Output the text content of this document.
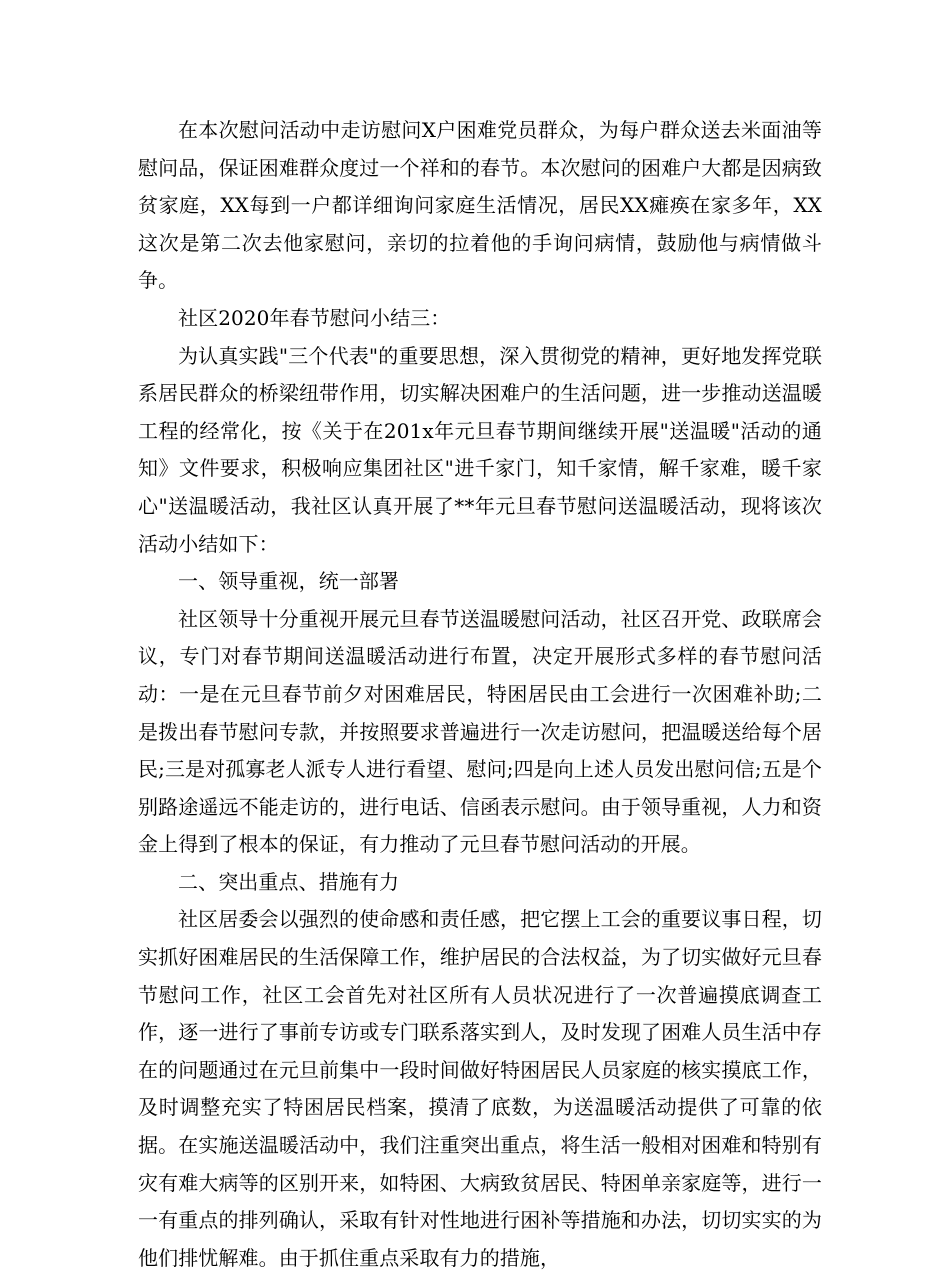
在本次慰问活动中走访慰问X户困难党员群众，为每户群众送去米面油等慰问品，保证困难群众度过一个祥和的春节。本次慰问的困难户大都是因病致贫家庭，XX每到一户都详细询问家庭生活情况，居民XX瘫痪在家多年，XX这次是第二次去他家慰问，亲切的拉着他的手询问病情，鼓励他与病情做斗争。

社区2020年春节慰问小结三：

为认真实践"三个代表"的重要思想，深入贯彻党的精神，更好地发挥党联系居民群众的桥梁纽带作用，切实解决困难户的生活问题，进一步推动送温暖工程的经常化，按《关于在201x年元旦春节期间继续开展"送温暖"活动的通知》文件要求，积极响应集团社区"进千家门，知千家情，解千家难，暖千家心"送温暖活动，我社区认真开展了**年元旦春节慰问送温暖活动，现将该次活动小结如下：

一、领导重视，统一部署

社区领导十分重视开展元旦春节送温暖慰问活动，社区召开党、政联席会议，专门对春节期间送温暖活动进行布置，决定开展形式多样的春节慰问活动：一是在元旦春节前夕对困难居民，特困居民由工会进行一次困难补助;二是拨出春节慰问专款，并按照要求普遍进行一次走访慰问，把温暖送给每个居民;三是对孤寡老人派专人进行看望、慰问;四是向上述人员发出慰问信;五是个别路途遥远不能走访的，进行电话、信函表示慰问。由于领导重视，人力和资金上得到了根本的保证，有力推动了元旦春节慰问活动的开展。

二、突出重点、措施有力

社区居委会以强烈的使命感和责任感，把它摆上工会的重要议事日程，切实抓好困难居民的生活保障工作，维护居民的合法权益，为了切实做好元旦春节慰问工作，社区工会首先对社区所有人员状况进行了一次普遍摸底调查工作，逐一进行了事前专访或专门联系落实到人，及时发现了困难人员生活中存在的问题通过在元旦前集中一段时间做好特困居民人员家庭的核实摸底工作，及时调整充实了特困居民档案，摸清了底数，为送温暖活动提供了可靠的依据。在实施送温暖活动中，我们注重突出重点，将生活一般相对困难和特别有灾有难大病等的区别开来，如特困、大病致贫居民、特困单亲家庭等，进行一一有重点的排列确认，采取有针对性地进行困补等措施和办法，切切实实的为他们排忧解难。由于抓住重点采取有力的措施，
